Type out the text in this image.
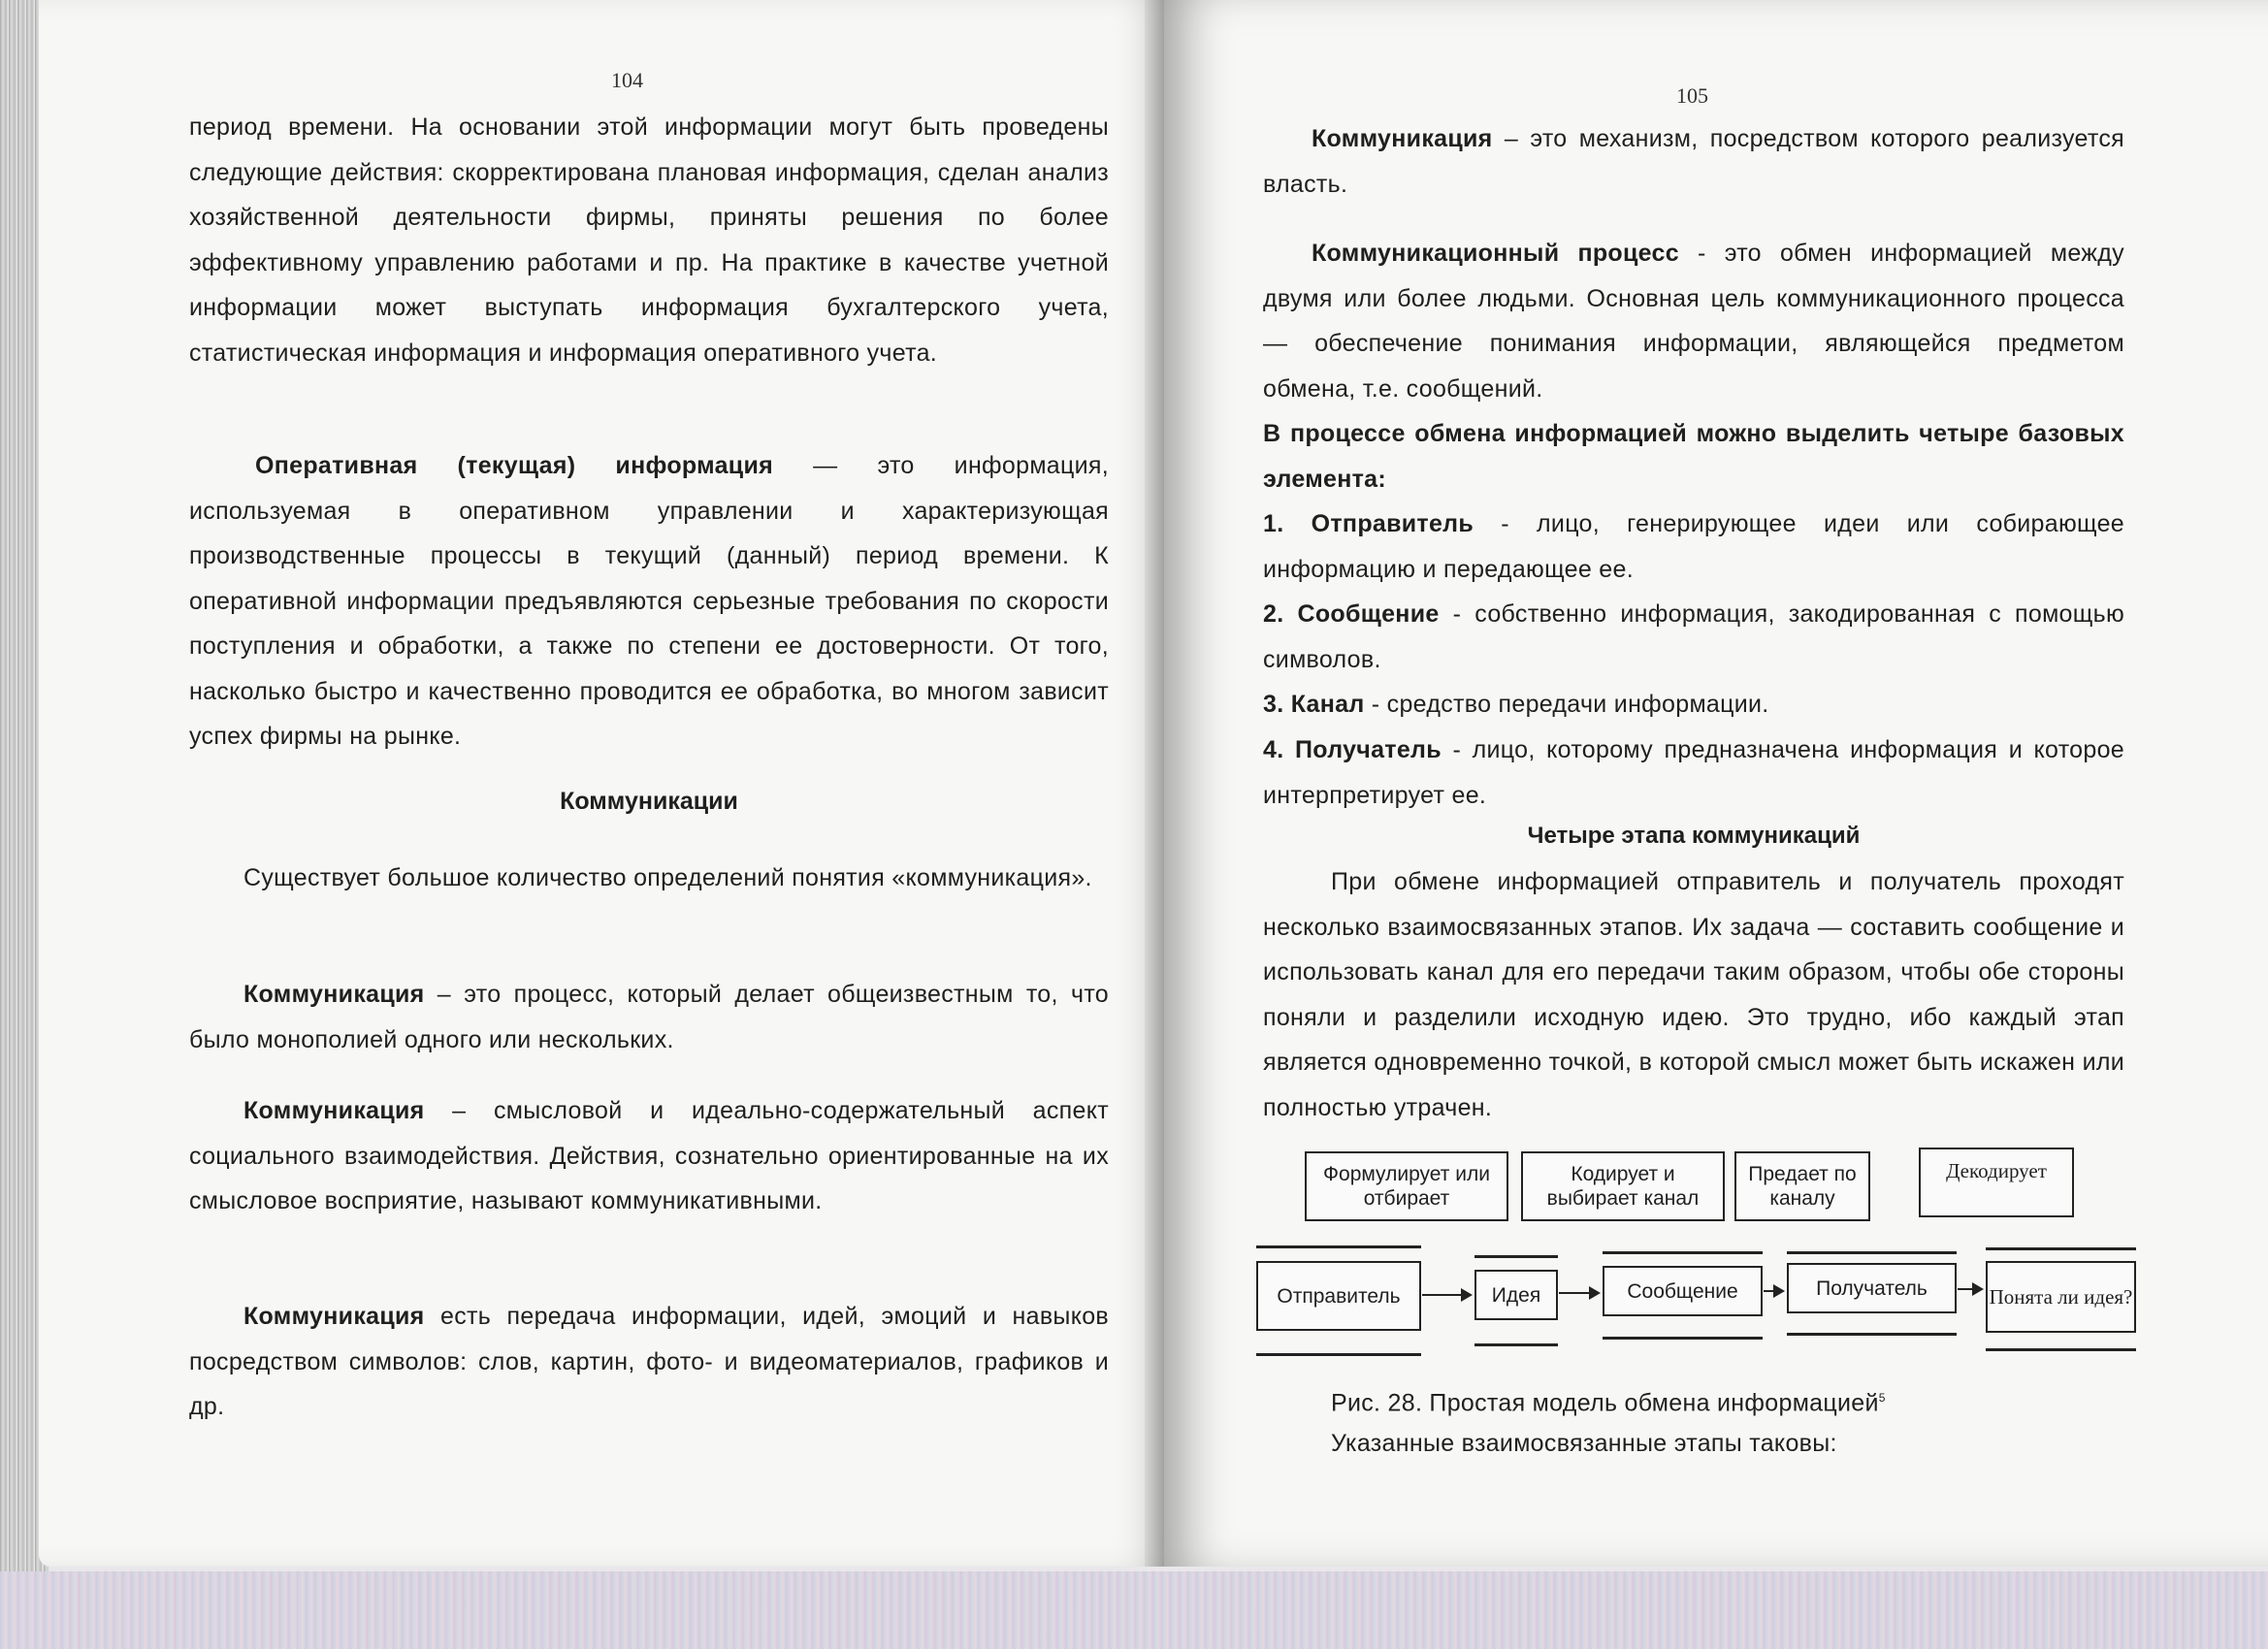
104
период времени. На основании этой информации могут быть проведены следующие действия: скорректирована плановая информация, сделан анализ хозяйственной деятельности фирмы, приняты решения по более эффективному управлению работами и пр. На практике в качестве учетной информации может выступать информация бухгалтерского учета, статистическая информация и информация оперативного учета.
Оперативная (текущая) информация — это информация, используемая в оперативном управлении и характеризующая производственные процессы в текущий (данный) период времени. К оперативной информации предъявляются серьезные требования по скорости поступления и обработки, а также по степени ее достоверности. От того, насколько быстро и качественно проводится ее обработка, во многом зависит успех фирмы на рынке.
Коммуникации
Существует большое количество определений понятия «коммуникация».
Коммуникация – это процесс, который делает общеизвестным то, что было монополией одного или нескольких.
Коммуникация – смысловой и идеально-содержательный аспект социального взаимодействия. Действия, сознательно ориентированные на их смысловое восприятие, называют коммуникативными.
Коммуникация есть передача информации, идей, эмоций и навыков посредством символов: слов, картин, фото- и видеоматериалов, графиков и др.
105
Коммуникация – это механизм, посредством которого реализуется власть.
Коммуникационный процесс - это обмен информацией между двумя или более людьми. Основная цель коммуникационного процесса — обеспечение понимания информации, являющейся предметом обмена, т.е. сообщений.
В процессе обмена информацией можно выделить четыре базовых элемента:
1. Отправитель - лицо, генерирующее идеи или собирающее информацию и передающее ее.
2. Сообщение - собственно информация, закодированная с помощью символов.
3. Канал - средство передачи информации.
4. Получатель - лицо, которому предназначена информация и которое интерпретирует ее.
Четыре этапа коммуникаций
При обмене информацией отправитель и получатель проходят несколько взаимосвязанных этапов. Их задача — составить сообщение и использовать канал для его передачи таким образом, чтобы обе стороны поняли и разделили исходную идею. Это трудно, ибо каждый этап является одновременно точкой, в которой смысл может быть искажен или полностью утрачен.
Формулирует или отбирает
Кодирует и выбирает канал
Предает по каналу
Декодирует
Отправитель	Идея	Сообщение	Получатель	Понята ли идея?
Рис. 28. Простая модель обмена информацией$^5$
Указанные взаимосвязанные этапы таковы:
